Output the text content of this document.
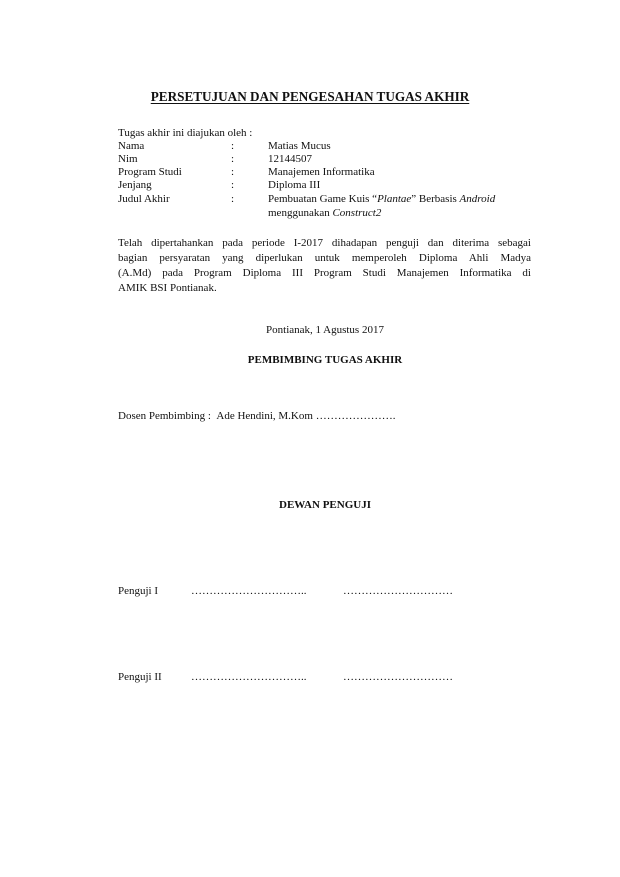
PERSETUJUAN DAN PENGESAHAN TUGAS AKHIR
Tugas akhir ini diajukan oleh :
Nama	:	Matias Mucus
Nim	:	12144507
Program Studi	:	Manajemen Informatika
Jenjang	:	Diploma III
Judul Akhir	:	Pembuatan Game Kuis “Plantae” Berbasis Android
menggunakan Construct2
Telah dipertahankan pada periode I-2017 dihadapan penguji dan diterima sebagai
bagian persyaratan yang diperlukan untuk memperoleh Diploma Ahli Madya
(A.Md) pada Program Diploma III Program Studi Manajemen Informatika di
AMIK BSI Pontianak.
Pontianak, 1 Agustus 2017
PEMBIMBING TUGAS AKHIR
Dosen Pembimbing : Ade Hendini, M.Kom ………………….
DEWAN PENGUJI
Penguji I	…………………………..	…………………………
Penguji II	…………………………..	…………………………
